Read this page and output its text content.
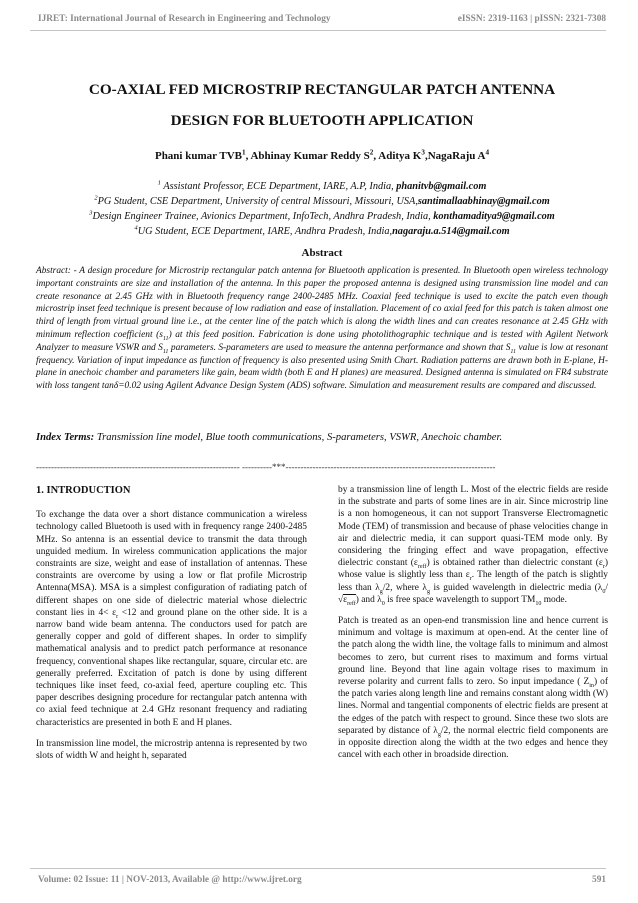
IJRET: International Journal of Research in Engineering and Technology	eISSN: 2319-1163 | pISSN: 2321-7308
CO-AXIAL FED MICROSTRIP RECTANGULAR PATCH ANTENNA
DESIGN FOR BLUETOOTH APPLICATION
Phani kumar TVB$^1$, Abhinay Kumar Reddy $S^2$, Aditya $K^3,NagaRaju$ $A^4$
$^1$ Assistant Professor, ECE Department, IARE, A.P, India, phanitvb@gmail.com
$^2$PG Student, CSE Department, University of central Missouri, Missouri, USA,santimallaabhinay@gmail.com
$^3$Design Engineer Trainee, Avionics Department, InfoTech, Andhra Pradesh, India, konthamaditya9@gmail.com
$^4$UG Student, ECE Department, IARE, Andhra Pradesh, India,nagaraju.a.514@gmail.com
Abstract
Abstract: - A design procedure for Microstrip rectangular patch antenna for Bluetooth application is presented. In Bluetooth open wireless technology important constraints are size and installation of the antenna. In this paper the proposed antenna is designed using transmission line model and can create resonance at 2.45 GHz with in Bluetooth frequency range 2400-2485 MHz. Coaxial feed technique is used to excite the patch even though microstrip inset feed technique is present because of low radiation and ease of installation. Placement of co axial feed for this patch is taken almost one third of length from virtual ground line i.e., at the center line of the patch which is along the width lines and can creates resonance at 2.45 GHz with minimum reflection coefficient $(s_{11})$ at this feed position. Fabrication is done using photolithographic technique and is tested with Agilent Network Analyzer to measure VSWR and $S_{11}$ parameters. S-parameters are used to measure the antenna performance and shown that $S_{11}$ value is low at resonant frequency. Variation of input impedance as function of frequency is also presented using Smith Chart. Radiation patterns are drawn both in E-plane, H-plane in anechoic chamber and parameters like gain, beam width (both E and H planes) are measured. Designed antenna is simulated on FR4 substrate with loss tangent tanδ=0.02 using Agilent Advance Design System (ADS) software. Simulation and measurement results are compared and discussed.
Index Terms: Transmission line model, Blue tooth communications, S-parameters, VSWR, Anechoic chamber.
-------------------------------------------------------------------- ----------***----------------------------------------------------------------------

1. INTRODUCTION

To exchange the data over a short distance communication a wireless technology called Bluetooth is used with in frequency range 2400-2485 MHz. So antenna is an essential device to transmit the data through unguided medium. In wireless communication applications the major constraints are size, weight and ease of installation of antennas. These constraints are overcome by using a low or flat profile Microstrip Antenna(MSA). MSA is a simplest configuration of radiating patch of different shapes on one side of dielectric material whose dielectric constant lies in $4< \varepsilon_r <12$ and ground plane on the other side. It is a narrow band wide beam antenna. The conductors used for patch are generally copper and gold of different shapes. In order to simplify mathematical analysis and to predict patch performance at resonance frequency, conventional shapes like rectangular, square, circular etc. are generally preferred. Excitation of patch is done by using different techniques like inset feed, co-axial feed, aperture coupling etc. This paper describes designing procedure for rectangular patch antenna with co axial feed technique at 2.4 GHz resonant frequency and radiating characteristics are presented in both E and H planes.

In transmission line model, the microstrip antenna is represented by two slots of width W and height h, separated

by a transmission line of length L. Most of the electric fields are reside in the substrate and parts of some lines are in air. Since microstrip line is a non homogeneous, it can not support Transverse Electromagnetic Mode (TEM) of transmission and because of phase velocities change in air and dielectric media, it can support quasi-TEM mode only. By considering the fringing effect and wave propagation, effective dielectric constant $(\varepsilon_{reff})$ is obtained rather than dielectric constant $(\varepsilon_r)$ whose value is slightly less than $\varepsilon_r$. The length of the patch is slightly less than $\lambda_g/2$, where $\lambda_g$ is guided wavelength in dielectric media $(\lambda_0/√\varepsilon_{reff})$ and $\lambda_0$ is free space wavelength to support $TM_{10}$ mode.

Patch is treated as an open-end transmission line and hence current is minimum and voltage is maximum at open-end. At the center line of the patch along the width line, the voltage falls to minimum and almost becomes to zero, but current rises to maximum and forms virtual ground line. Beyond that line again voltage rises to maximum in reverse polarity and current falls to zero. So input impedance ( $Z_{in}$) of the patch varies along length line and remains constant along width (W) lines. Normal and tangential components of electric fields are present at the edges of the patch with respect to ground. Since these two slots are separated by distance of $\lambda_g/2$, the normal electric field components are in opposite direction along the width at the two edges and hence they cancel with each other in broadside direction.

Volume: 02 Issue: 11 | NOV-2013, Available @ http://www.ijret.org	591
